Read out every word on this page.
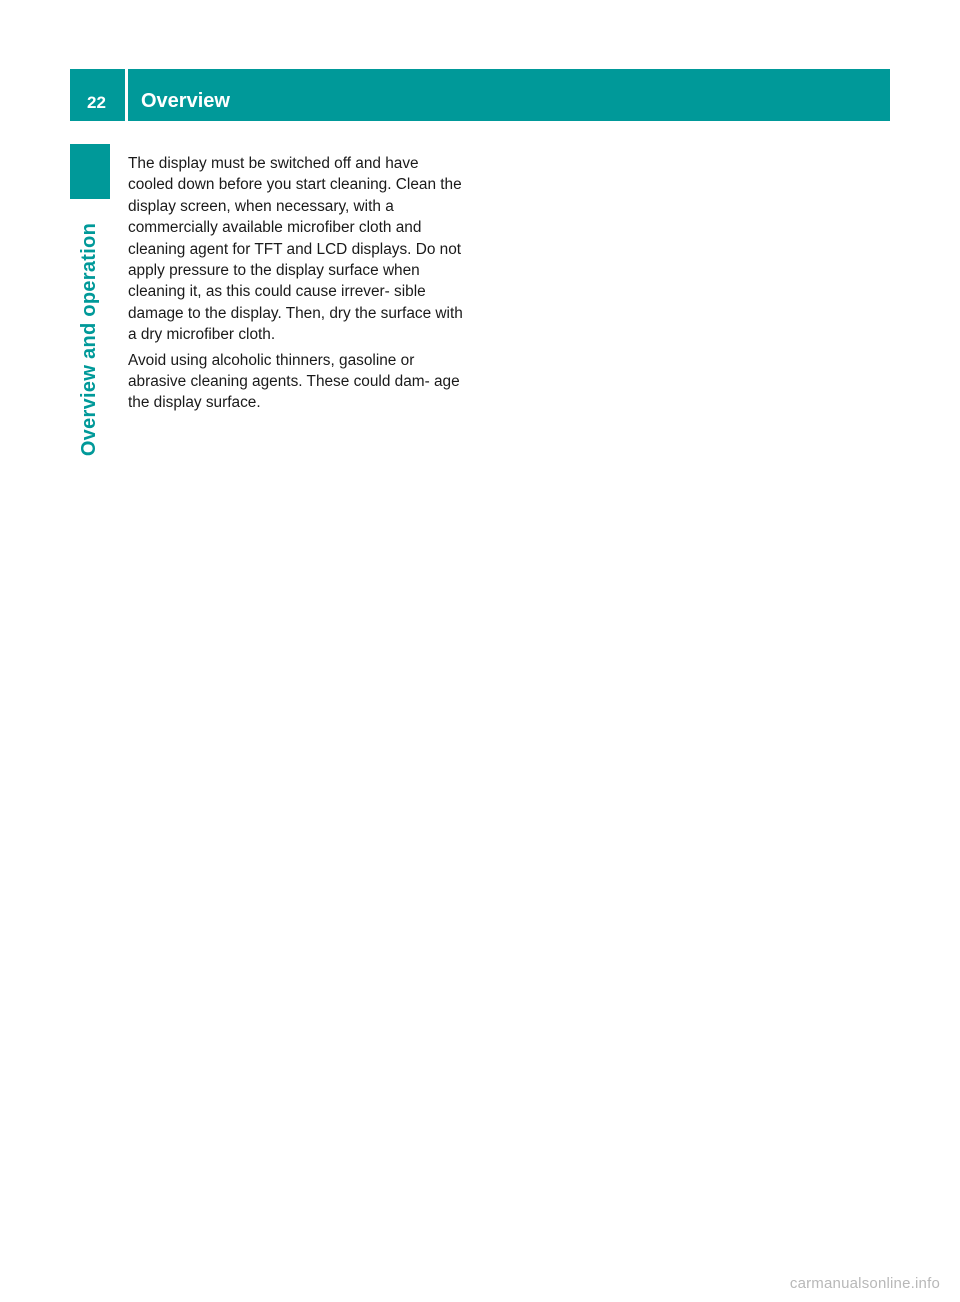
22 Overview
Overview and operation

The display must be switched off and have cooled down before you start cleaning. Clean the display screen, when necessary, with a commercially available microfiber cloth and cleaning agent for TFT and LCD displays. Do not apply pressure to the display surface when cleaning it, as this could cause irrever- sible damage to the display. Then, dry the surface with a dry microfiber cloth.

Avoid using alcoholic thinners, gasoline or abrasive cleaning agents. These could dam- age the display surface.

carmanualsonline.info
